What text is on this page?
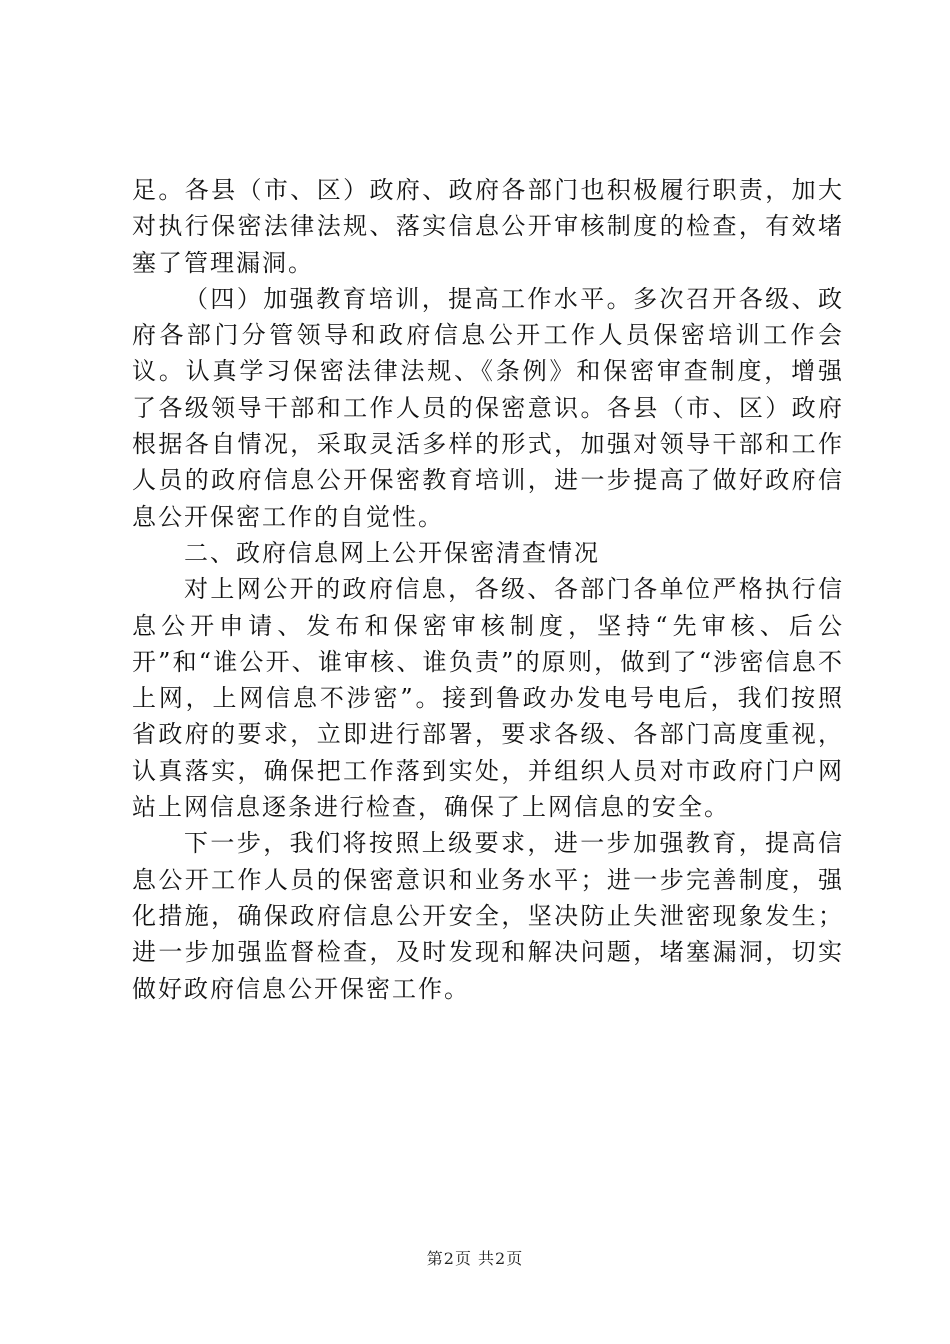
足。各县（市、区）政府、政府各部门也积极履行职责，加大对执行保密法律法规、落实信息公开审核制度的检查，有效堵塞了管理漏洞。

（四）加强教育培训，提高工作水平。多次召开各级、政府各部门分管领导和政府信息公开工作人员保密培训工作会议。认真学习保密法律法规、《条例》和保密审查制度，增强了各级领导干部和工作人员的保密意识。各县（市、区）政府根据各自情况，采取灵活多样的形式，加强对领导干部和工作人员的政府信息公开保密教育培训，进一步提高了做好政府信息公开保密工作的自觉性。

二、政府信息网上公开保密清查情况

对上网公开的政府信息，各级、各部门各单位严格执行信息公开申请、发布和保密审核制度，坚持“先审核、后公开”和“谁公开、谁审核、谁负责”的原则，做到了“涉密信息不上网，上网信息不涉密”。接到鲁政办发电号电后，我们按照省政府的要求，立即进行部署，要求各级、各部门高度重视，认真落实，确保把工作落到实处，并组织人员对市政府门户网站上网信息逐条进行检查，确保了上网信息的安全。

下一步，我们将按照上级要求，进一步加强教育，提高信息公开工作人员的保密意识和业务水平；进一步完善制度，强化措施，确保政府信息公开安全，坚决防止失泄密现象发生；进一步加强监督检查，及时发现和解决问题，堵塞漏洞，切实做好政府信息公开保密工作。

第2页 共2页
